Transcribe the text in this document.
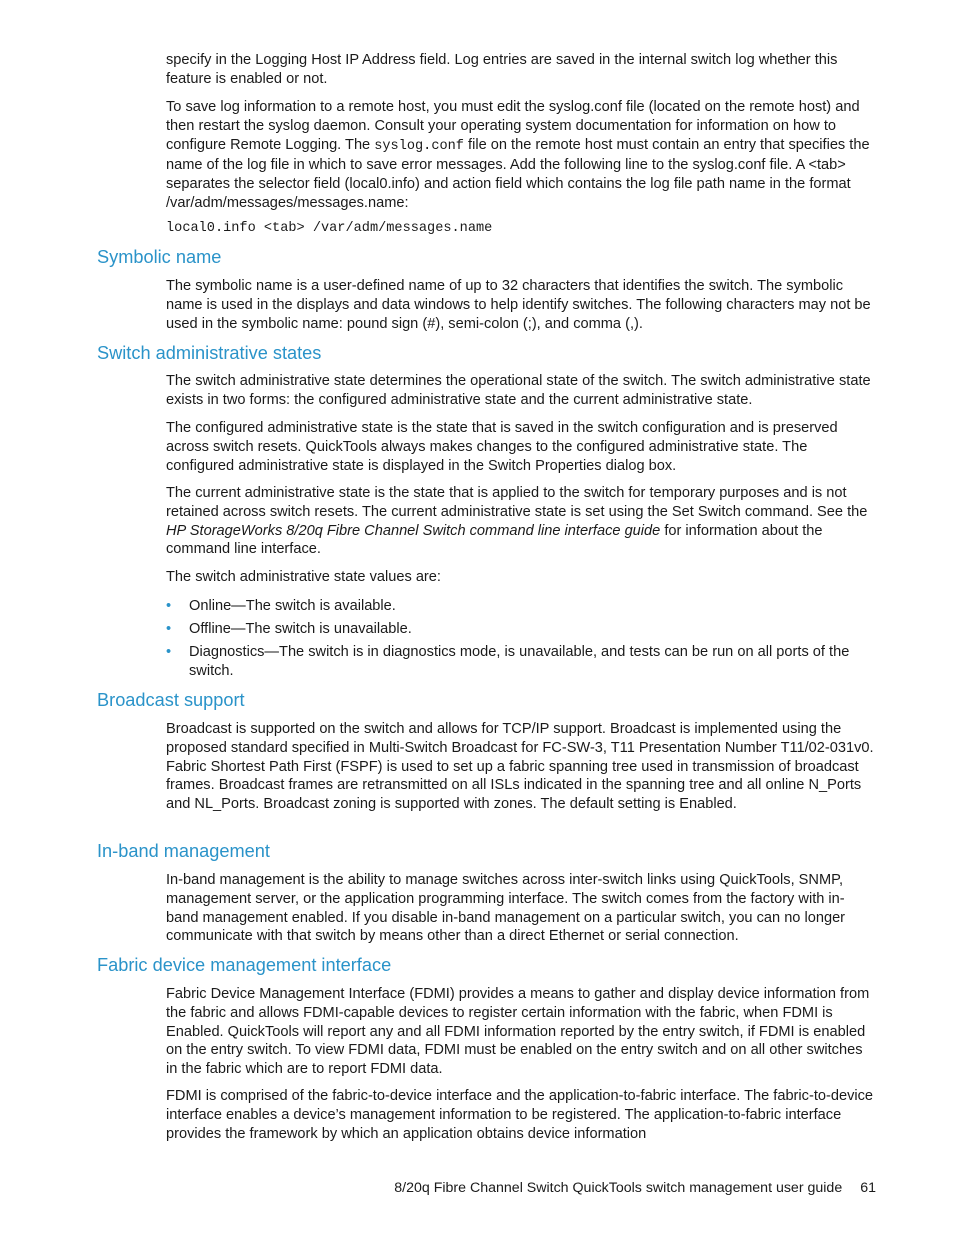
specify in the Logging Host IP Address field. Log entries are saved in the internal switch log whether this feature is enabled or not.

To save log information to a remote host, you must edit the syslog.conf file (located on the remote host) and then restart the syslog daemon. Consult your operating system documentation for information on how to configure Remote Logging. The syslog.conf file on the remote host must contain an entry that specifies the name of the log file in which to save error messages. Add the following line to the syslog.conf file. A <tab> separates the selector field (local0.info) and action field which contains the log file path name in the format /var/adm/messages/messages.name:

local0.info <tab> /var/adm/messages.name

Symbolic name

The symbolic name is a user-defined name of up to 32 characters that identifies the switch. The symbolic name is used in the displays and data windows to help identify switches. The following characters may not be used in the symbolic name: pound sign (#), semi-colon (;), and comma (,).

Switch administrative states

The switch administrative state determines the operational state of the switch. The switch administrative state exists in two forms: the configured administrative state and the current administrative state.

The configured administrative state is the state that is saved in the switch configuration and is preserved across switch resets. QuickTools always makes changes to the configured administrative state. The configured administrative state is displayed in the Switch Properties dialog box.

The current administrative state is the state that is applied to the switch for temporary purposes and is not retained across switch resets. The current administrative state is set using the Set Switch command. See the HP StorageWorks 8/20q Fibre Channel Switch command line interface guide for information about the command line interface.

The switch administrative state values are:

• Online—The switch is available.
• Offline—The switch is unavailable.
• Diagnostics—The switch is in diagnostics mode, is unavailable, and tests can be run on all ports of the switch.
Broadcast support

Broadcast is supported on the switch and allows for TCP/IP support. Broadcast is implemented using the proposed standard specified in Multi-Switch Broadcast for FC-SW-3, T11 Presentation Number T11/02-031v0. Fabric Shortest Path First (FSPF) is used to set up a fabric spanning tree used in transmission of broadcast frames. Broadcast frames are retransmitted on all ISLs indicated in the spanning tree and all online N_Ports and NL_Ports. Broadcast zoning is supported with zones. The default setting is Enabled.

In-band management

In-band management is the ability to manage switches across inter-switch links using QuickTools, SNMP, management server, or the application programming interface. The switch comes from the factory with in-band management enabled. If you disable in-band management on a particular switch, you can no longer communicate with that switch by means other than a direct Ethernet or serial connection.

Fabric device management interface

Fabric Device Management Interface (FDMI) provides a means to gather and display device information from the fabric and allows FDMI-capable devices to register certain information with the fabric, when FDMI is Enabled. QuickTools will report any and all FDMI information reported by the entry switch, if FDMI is enabled on the entry switch. To view FDMI data, FDMI must be enabled on the entry switch and on all other switches in the fabric which are to report FDMI data.

FDMI is comprised of the fabric-to-device interface and the application-to-fabric interface. The fabric-to-device interface enables a device’s management information to be registered. The application-to-fabric interface provides the framework by which an application obtains device information

8/20q Fibre Channel Switch QuickTools switch management user guide 61
